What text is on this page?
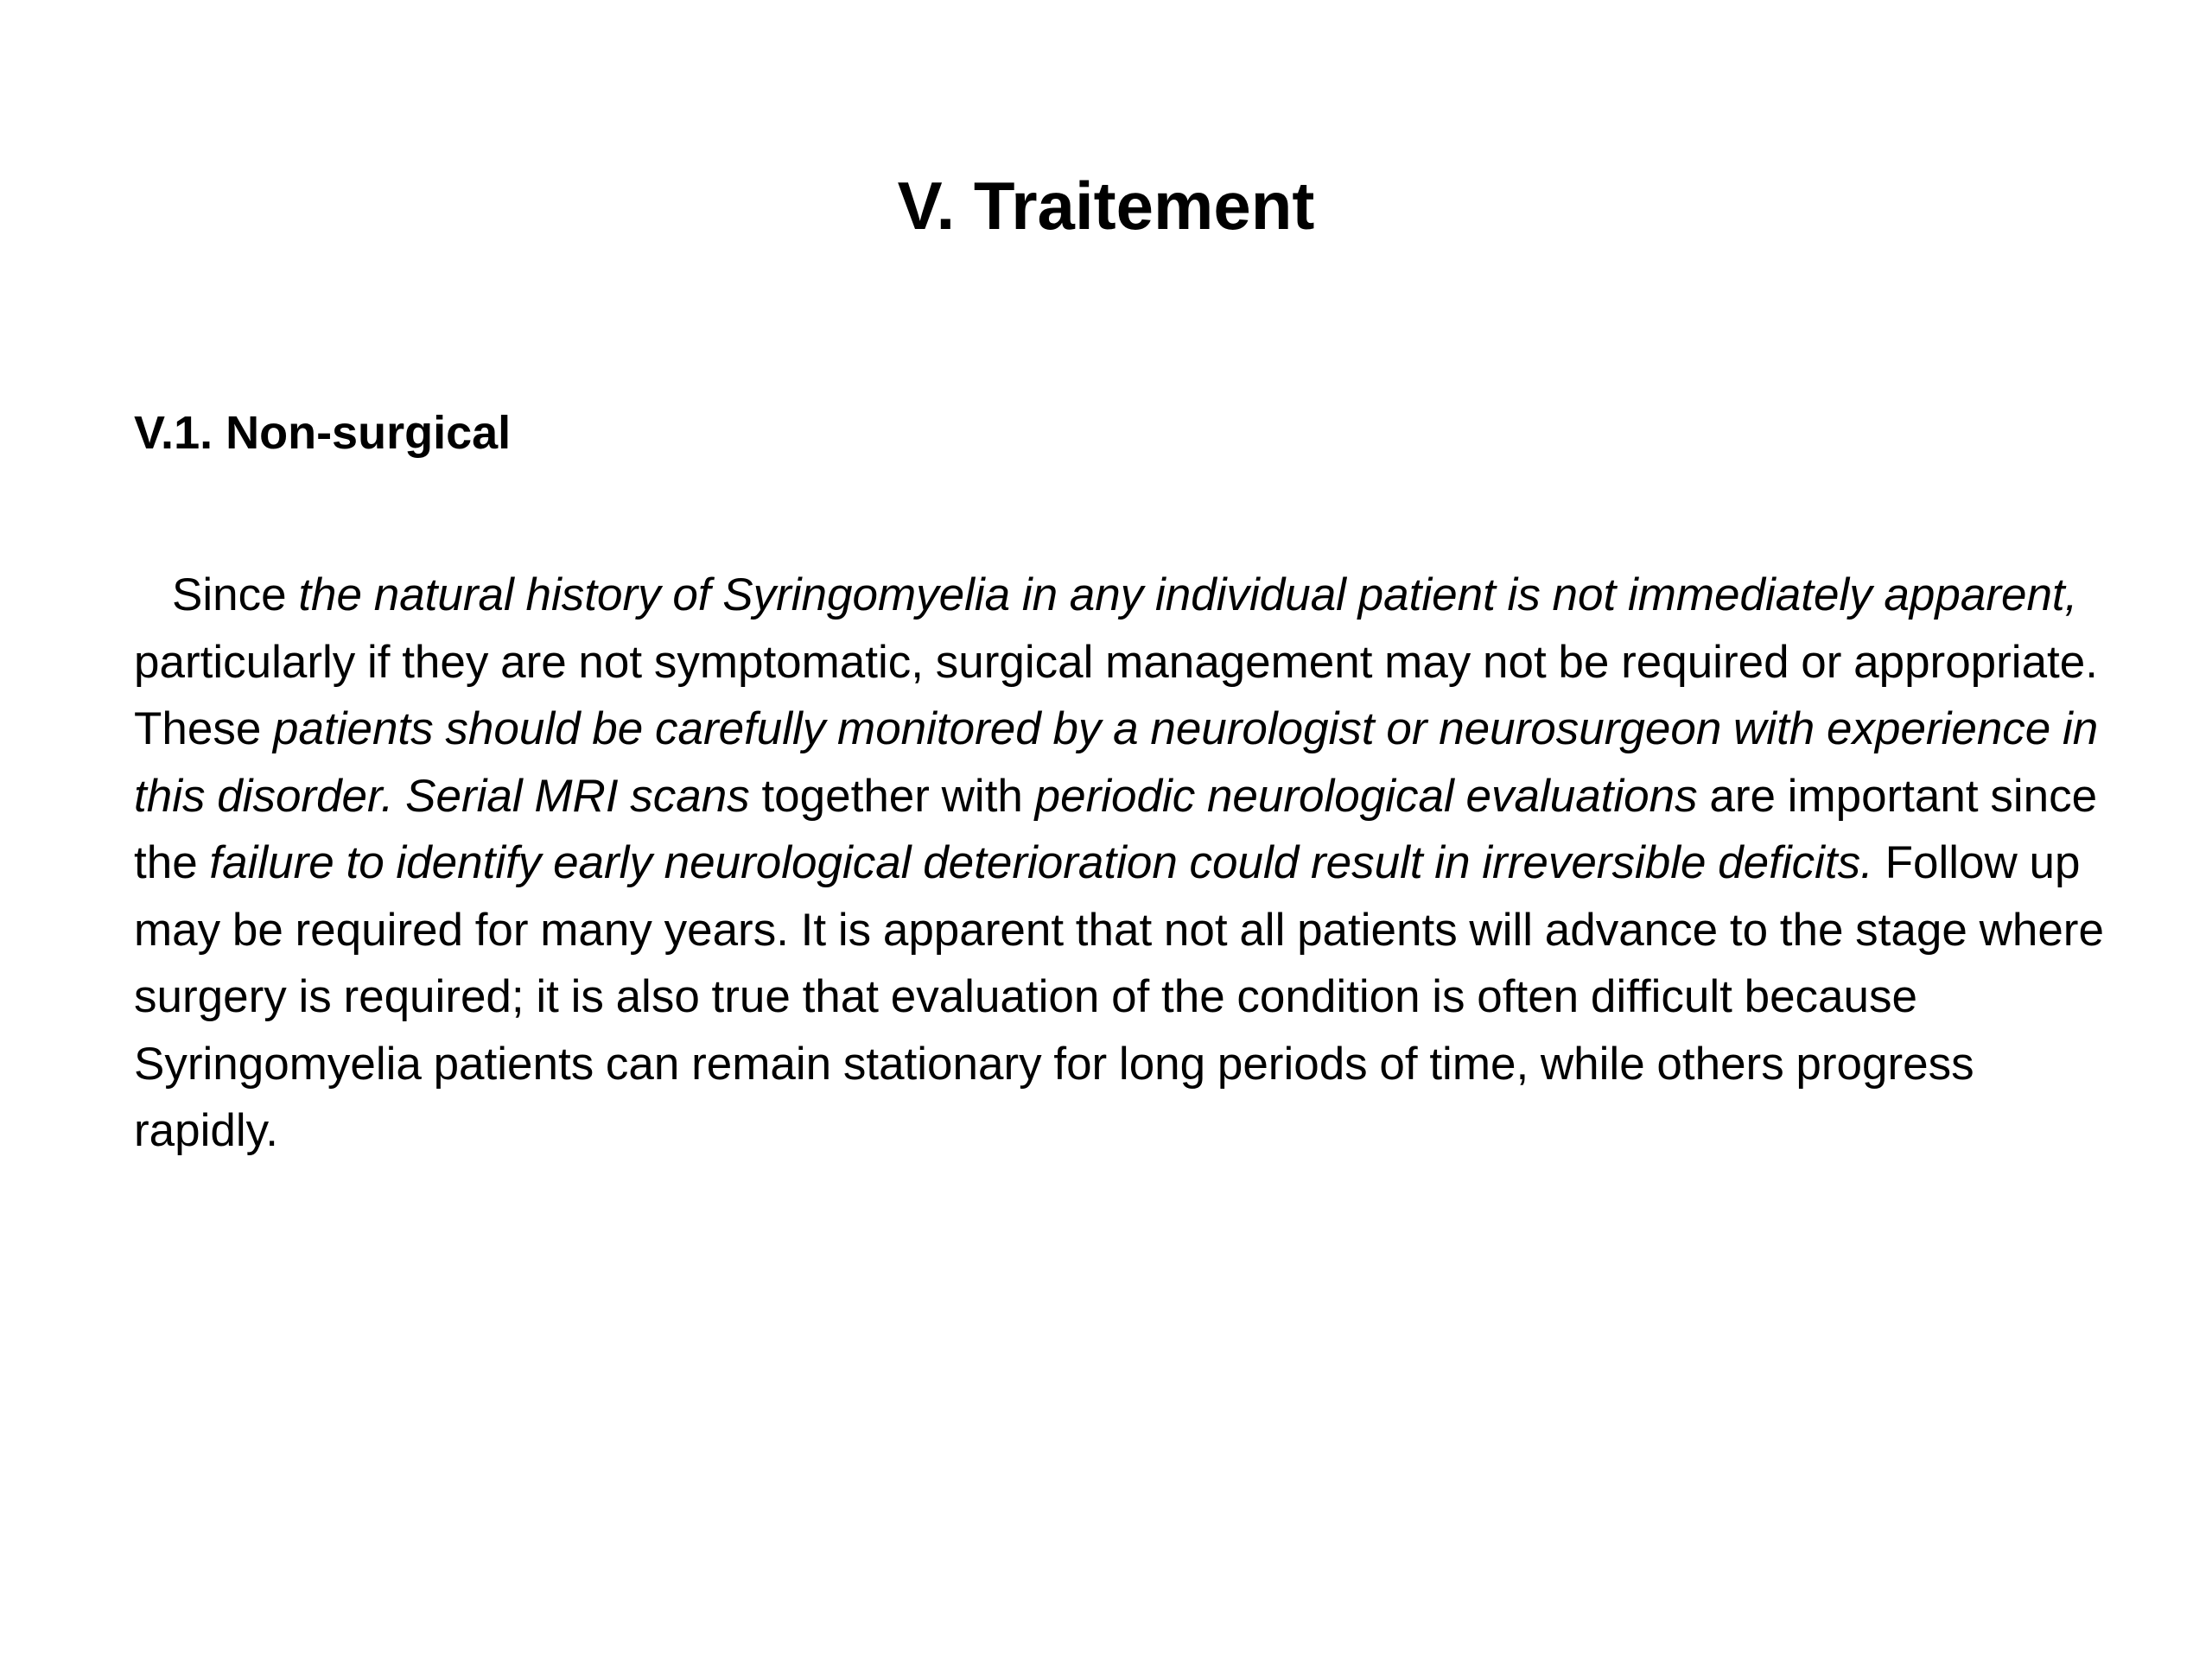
V. Traitement
V.1. Non-surgical

Since the natural history of Syringomyelia in any individual patient is not immediately apparent, particularly if they are not symptomatic, surgical management may not be required or appropriate. These patients should be carefully monitored by a neurologist or neurosurgeon with experience in this disorder. Serial MRI scans together with periodic neurological evaluations are important since the failure to identify early neurological deterioration could result in irreversible deficits. Follow up may be required for many years. It is apparent that not all patients will advance to the stage where surgery is required; it is also true that evaluation of the condition is often difficult because Syringomyelia patients can remain stationary for long periods of time, while others progress rapidly.
